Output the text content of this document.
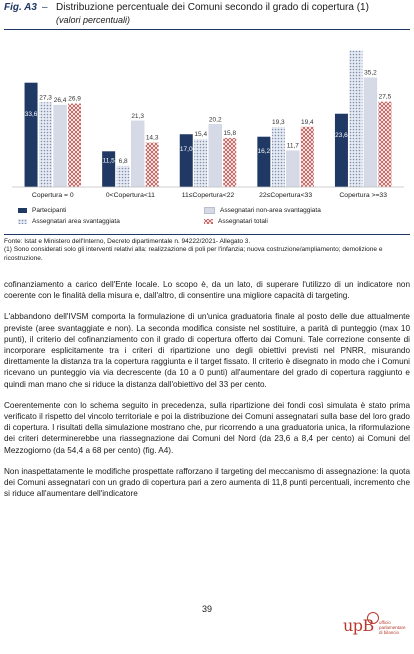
Fig. A3 – Distribuzione percentuale dei Comuni secondo il grado di copertura (1)
(valori percentuali)
Copertura = 0	0<Copertura<11	11≤Copertura<22	22≤Copertura<33	Copertura >=33
33,6
27,3 26,4 26,9
11,5 6,8
21,3
14,3
17,0
15,4
20,2
15,8
16,2
19,3
11,7
19,4
23,6
35,2
27,5
Partecipanti	Assegnatari non-area svantaggiata
Assegnatari area svantaggiata	Assegnatari totali
Fonte: Istat e Ministero dell'Interno, Decreto dipartimentale n. 94222/2021- Allegato 3.
(1) Sono considerati solo gli interventi relativi alla: realizzazione di poli per l'infanzia; nuova costruzione/ampliamento; demolizione e ricostruzione.

cofinanziamento a carico dell'Ente locale. Lo scopo è, da un lato, di superare l'utilizzo di un indicatore non coerente con le finalità della misura e, dall'altro, di consentire una migliore capacità di targeting.

L'abbandono dell'IVSM comporta la formulazione di un'unica graduatoria finale al posto delle due attualmente previste (aree svantaggiate e non). La seconda modifica consiste nel sostituire, a parità di punteggio (max 10 punti), il criterio del cofinanziamento con il grado di copertura offerto dai Comuni. Tale correzione consente di incorporare esplicitamente tra i criteri di ripartizione uno degli obiettivi previsti nel PNRR, misurando direttamente la distanza tra la copertura raggiunta e il target fissato. Il criterio è disegnato in modo che i Comuni ricevano un punteggio via via decrescente (da 10 a 0 punti) all'aumentare del grado di copertura raggiunto e quindi man mano che si riduce la distanza dall'obiettivo del 33 per cento.

Coerentemente con lo schema seguito in precedenza, sulla ripartizione dei fondi così simulata è stato prima verificato il rispetto del vincolo territoriale e poi la distribuzione dei Comuni assegnatari sulla base del loro grado di copertura. I risultati della simulazione mostrano che, pur ricorrendo a una graduatoria unica, la riformulazione dei criteri determinerebbe una riassegnazione dai Comuni del Nord (da 23,6 a 8,4 per cento) ai Comuni del Mezzogiorno (da 54,4 a 68 per cento) (fig. A4).

Non inaspettatamente le modifiche prospettate rafforzano il targeting del meccanismo di assegnazione: la quota dei Comuni assegnatari con un grado di copertura pari a zero aumenta di 11,8 punti percentuali, incremento che si riduce all'aumentare dell'indicatore

39
upB ufficio
parlamentare
di bilancio
